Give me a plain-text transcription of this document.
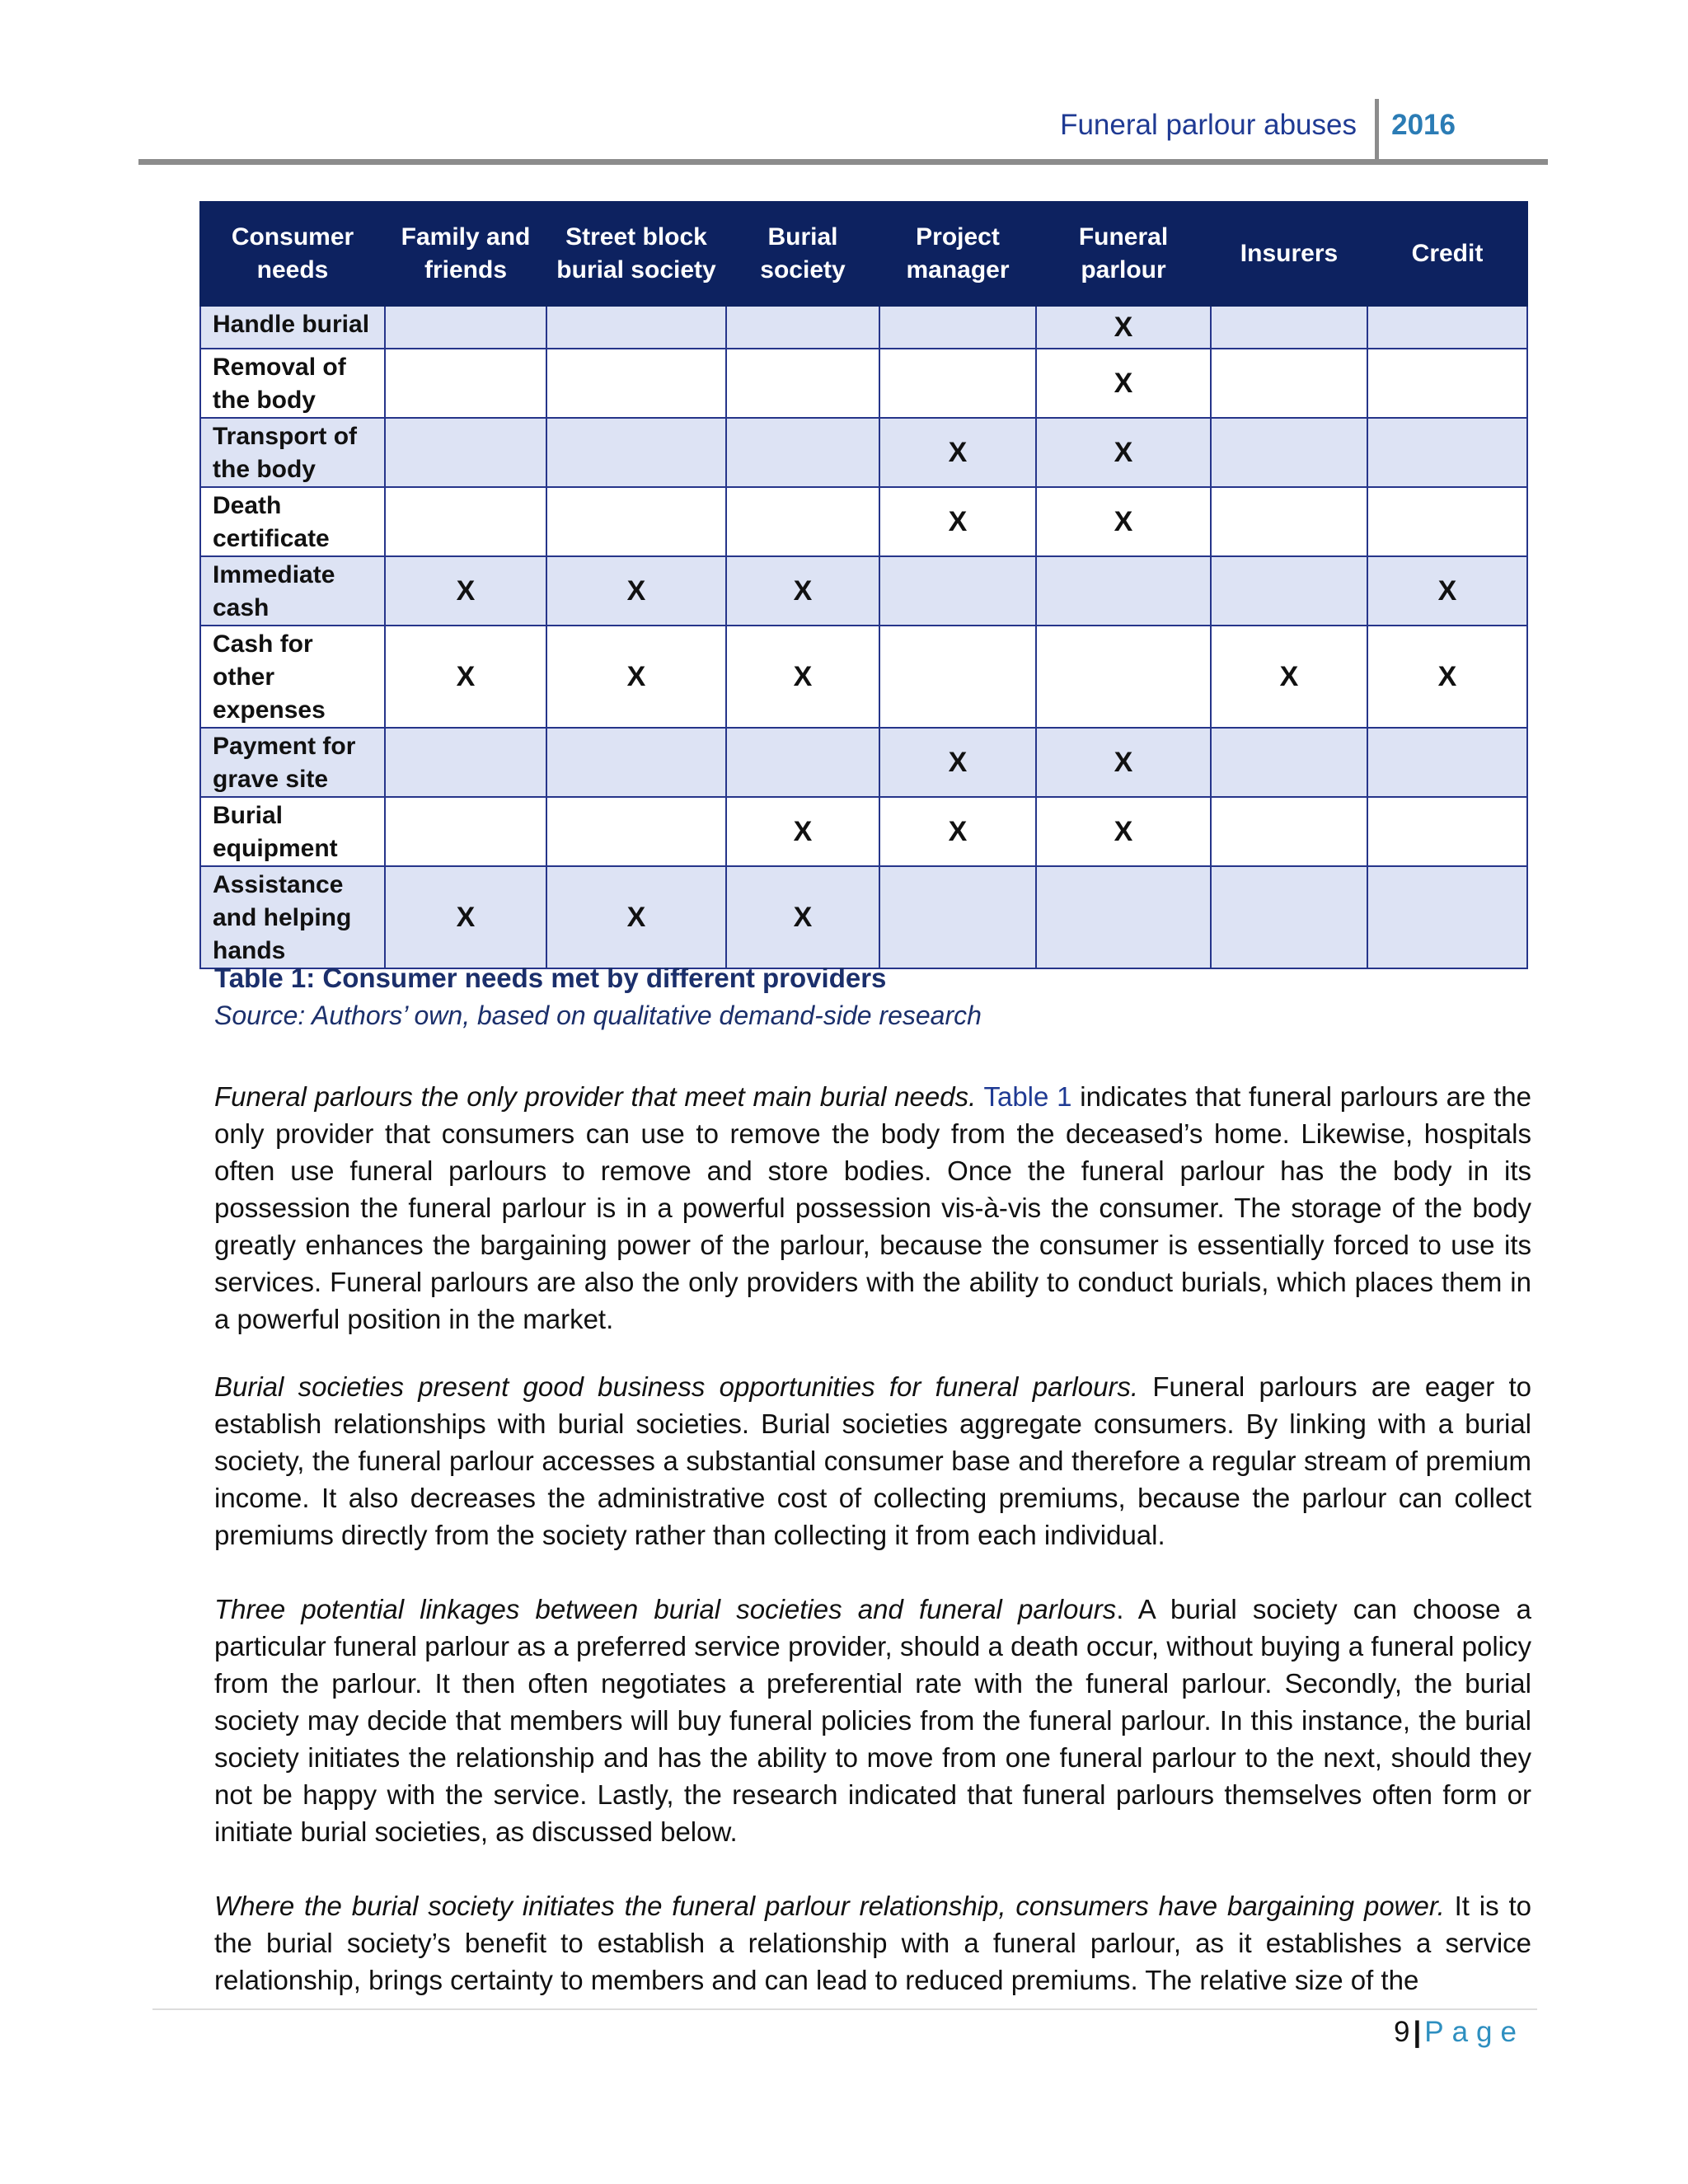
Funeral parlour abuses 2016
Consumer needs	Family and friends	Street block burial society	Burial society	Project manager	Funeral parlour	Insurers	Credit
Handle burial					X		
Removal of the body					X		
Transport of the body				X	X		
Death certificate				X	X		
Immediate cash	X	X	X				X
Cash for other expenses	X	X	X			X	X
Payment for grave site				X	X		
Burial equipment			X	X	X		
Assistance and helping hands	X	X	X				
Table 1: Consumer needs met by different providers
Source: Authors’ own, based on qualitative demand-side research

Funeral parlours the only provider that meet main burial needs. Table 1 indicates that funeral parlours are the only provider that consumers can use to remove the body from the deceased’s home. Likewise, hospitals often use funeral parlours to remove and store bodies. Once the funeral parlour has the body in its possession the funeral parlour is in a powerful possession vis-à-vis the consumer. The storage of the body greatly enhances the bargaining power of the parlour, because the consumer is essentially forced to use its services. Funeral parlours are also the only providers with the ability to conduct burials, which places them in a powerful position in the market.

Burial societies present good business opportunities for funeral parlours. Funeral parlours are eager to establish relationships with burial societies. Burial societies aggregate consumers. By linking with a burial society, the funeral parlour accesses a substantial consumer base and therefore a regular stream of premium income. It also decreases the administrative cost of collecting premiums, because the parlour can collect premiums directly from the society rather than collecting it from each individual.

Three potential linkages between burial societies and funeral parlours. A burial society can choose a particular funeral parlour as a preferred service provider, should a death occur, without buying a funeral policy from the parlour. It then often negotiates a preferential rate with the funeral parlour. Secondly, the burial society may decide that members will buy funeral policies from the funeral parlour. In this instance, the burial society initiates the relationship and has the ability to move from one funeral parlour to the next, should they not be happy with the service. Lastly, the research indicated that funeral parlours themselves often form or initiate burial societies, as discussed below.

Where the burial society initiates the funeral parlour relationship, consumers have bargaining power. It is to the burial society’s benefit to establish a relationship with a funeral parlour, as it establishes a service relationship, brings certainty to members and can lead to reduced premiums. The relative size of the

9 | Page
